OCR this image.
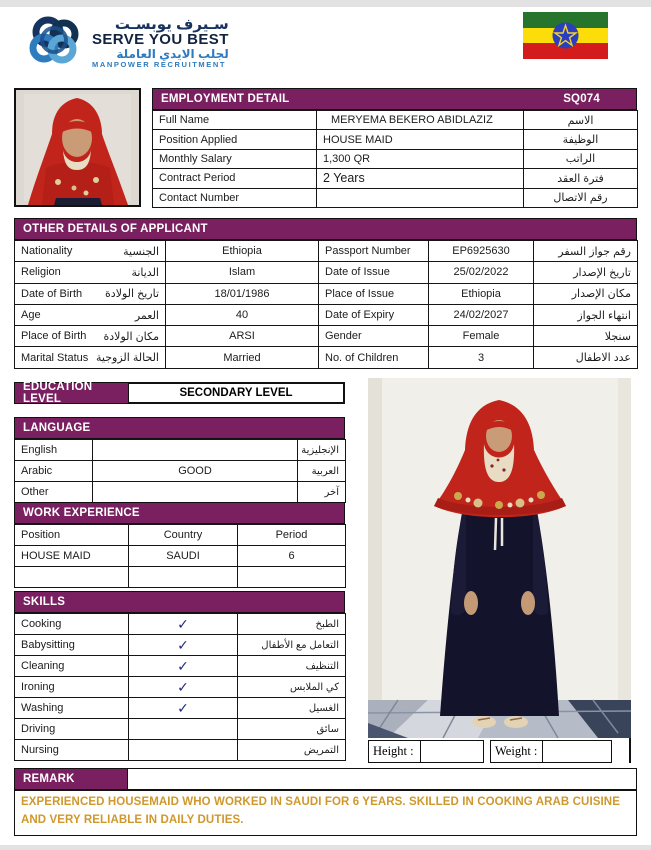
سـيرف يوبسـت
SERVE YOU BEST
لجلب الايدي العاملة
MANPOWER RECRUITMENT
EMPLOYMENT DETAIL	SQ074
Full Name	MERYEMA BEKERO ABIDLAZIZ	الاسم
Position Applied	HOUSE MAID	الوظيفة
Monthly Salary	1,300 QR	الراتب
Contract Period	2 Years	فترة العقد
Contact Number		رقم الاتصال
OTHER DETAILS OF APPLICANT
Nationality الجنسية	Ethiopia	Passport Number	EP6925630	رقم جواز السفر

Religion الديانة	Islam	Date of Issue	25/02/2022	تاريخ الإصدار

Date of Birth تاريخ الولادة	18/01/1986	Place of Issue	Ethiopia	مكان الإصدار

Age العمر	40	Date of Expiry	24/02/2027	انتهاء الجواز

Place of Birth مكان الولادة	ARSI	Gender	Female	سنجلا

Marital Status الحالة الزوجية	Married	No. of Children	3	عدد الاطفال
EDUCATION LEVEL	SECONDARY LEVEL
LANGUAGE
English		الإنجليزية
Arabic	GOOD	العربية
Other		آخر
WORK EXPERIENCE
Position	Country	Period
HOUSE MAID	SAUDI	6

SKILLS
Cooking	✓	الطبخ
Babysitting	✓	التعامل مع الأطفال
Cleaning	✓	التنظيف
Ironing	✓	كي الملابس
Washing	✓	الغسيل
Driving		سائق
Nursing		التمريض	Height :	Weight :
REMARK
EXPERIENCED HOUSEMAID WHO WORKED IN SAUDI FOR 6 YEARS. SKILLED IN COOKING ARAB CUISINE AND VERY RELIABLE IN DAILY DUTIES.
